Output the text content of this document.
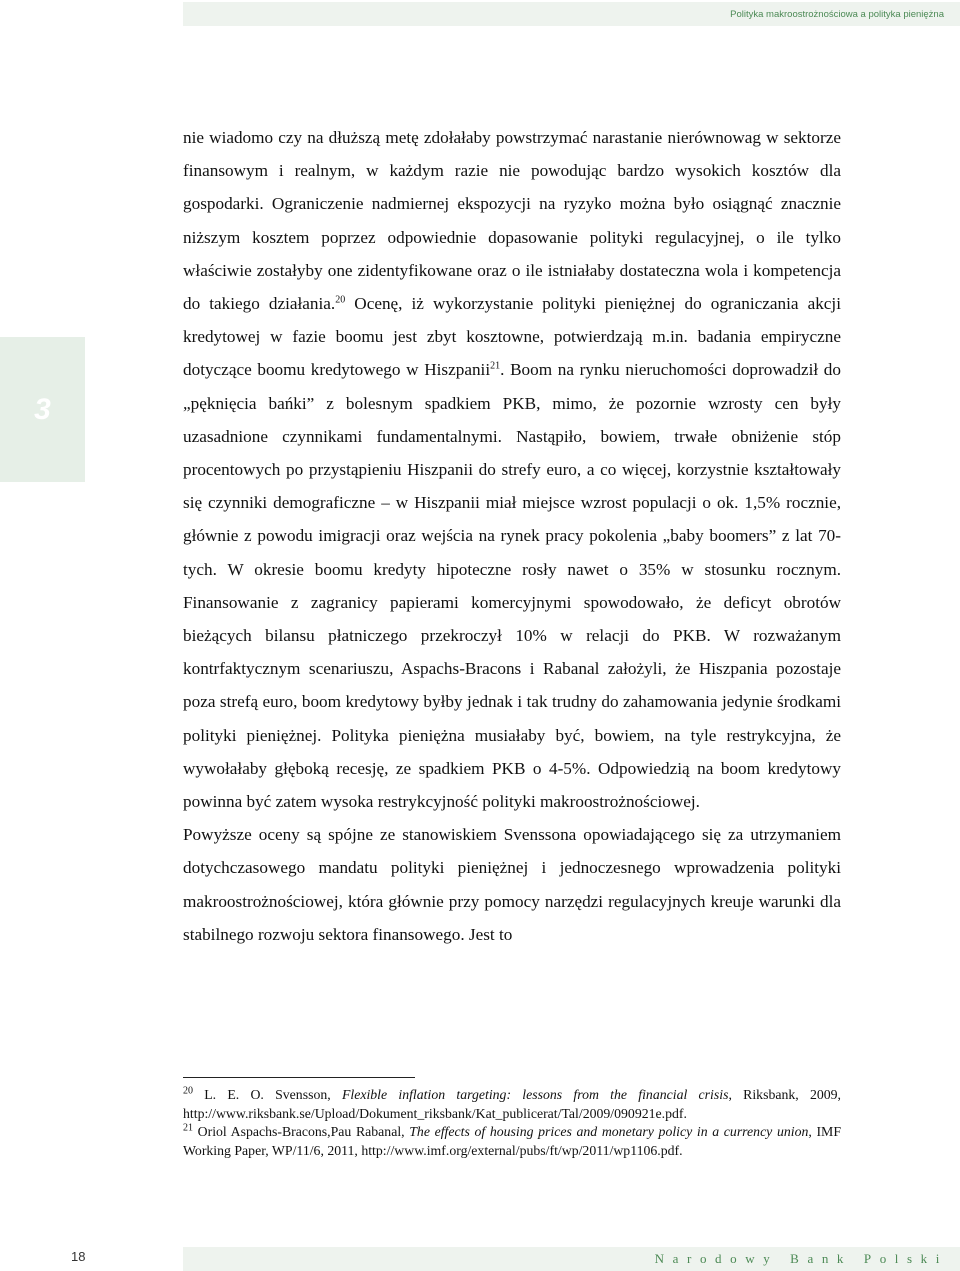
Polityka makroostrożnościowa a polityka pieniężna
3

nie wiadomo czy na dłuższą metę zdołałaby powstrzymać narastanie nierównowag w sektorze finansowym i realnym, w każdym razie nie powodując bardzo wysokich kosztów dla gospodarki. Ograniczenie nadmiernej ekspozycji na ryzyko można było osiągnąć znacznie niższym kosztem poprzez odpowiednie dopasowanie polityki regulacyjnej, o ile tylko właściwie zostałyby one zidentyfikowane oraz o ile istniałaby dostateczna wola i kompetencja do takiego działania.$^{20}$ Ocenę, iż wykorzystanie polityki pieniężnej do ograniczania akcji kredytowej w fazie boomu jest zbyt kosztowne, potwierdzają m.in. badania empiryczne dotyczące boomu kredytowego w Hiszpanii$^{21}$. Boom na rynku nieruchomości doprowadził do „pęknięcia bańki” z bolesnym spadkiem PKB, mimo, że pozornie wzrosty cen były uzasadnione czynnikami fundamentalnymi. Nastąpiło, bowiem, trwałe obniżenie stóp procentowych po przystąpieniu Hiszpanii do strefy euro, a co więcej, korzystnie kształtowały się czynniki demograficzne – w Hiszpanii miał miejsce wzrost populacji o ok. 1,5% rocznie, głównie z powodu imigracji oraz wejścia na rynek pracy pokolenia „baby boomers” z lat 70-tych. W okresie boomu kredyty hipoteczne rosły nawet o 35% w stosunku rocznym. Finansowanie z zagranicy papierami komercyjnymi spowodowało, że deficyt obrotów bieżących bilansu płatniczego przekroczył 10% w relacji do PKB. W rozważanym kontrfaktycznym scenariuszu, Aspachs-Bracons i Rabanal założyli, że Hiszpania pozostaje poza strefą euro, boom kredytowy byłby jednak i tak trudny do zahamowania jedynie środkami polityki pieniężnej. Polityka pieniężna musiałaby być, bowiem, na tyle restrykcyjna, że wywołałaby głęboką recesję, ze spadkiem PKB o 4-5%. Odpowiedzią na boom kredytowy powinna być zatem wysoka restrykcyjność polityki makroostrożnościowej.

Powyższe oceny są spójne ze stanowiskiem Svenssona opowiadającego się za utrzymaniem dotychczasowego mandatu polityki pieniężnej i jednoczesnego wprowadzenia polityki makroostrożnościowej, która głównie przy pomocy narzędzi regulacyjnych kreuje warunki dla stabilnego rozwoju sektora finansowego. Jest to

$^{20}$ L. E. O. Svensson, Flexible inflation targeting: lessons from the financial crisis, Riksbank, 2009, http://www.riksbank.se/Upload/Dokument_riksbank/Kat_publicerat/Tal/2009/090921e.pdf.

$^{21}$ Oriol Aspachs-Bracons,Pau Rabanal, The effects of housing prices and monetary policy in a currency union, IMF Working Paper, WP/11/6, 2011, http://www.imf.org/external/pubs/ft/wp/2011/wp1106.pdf.

18	Narodowy Bank Polski
